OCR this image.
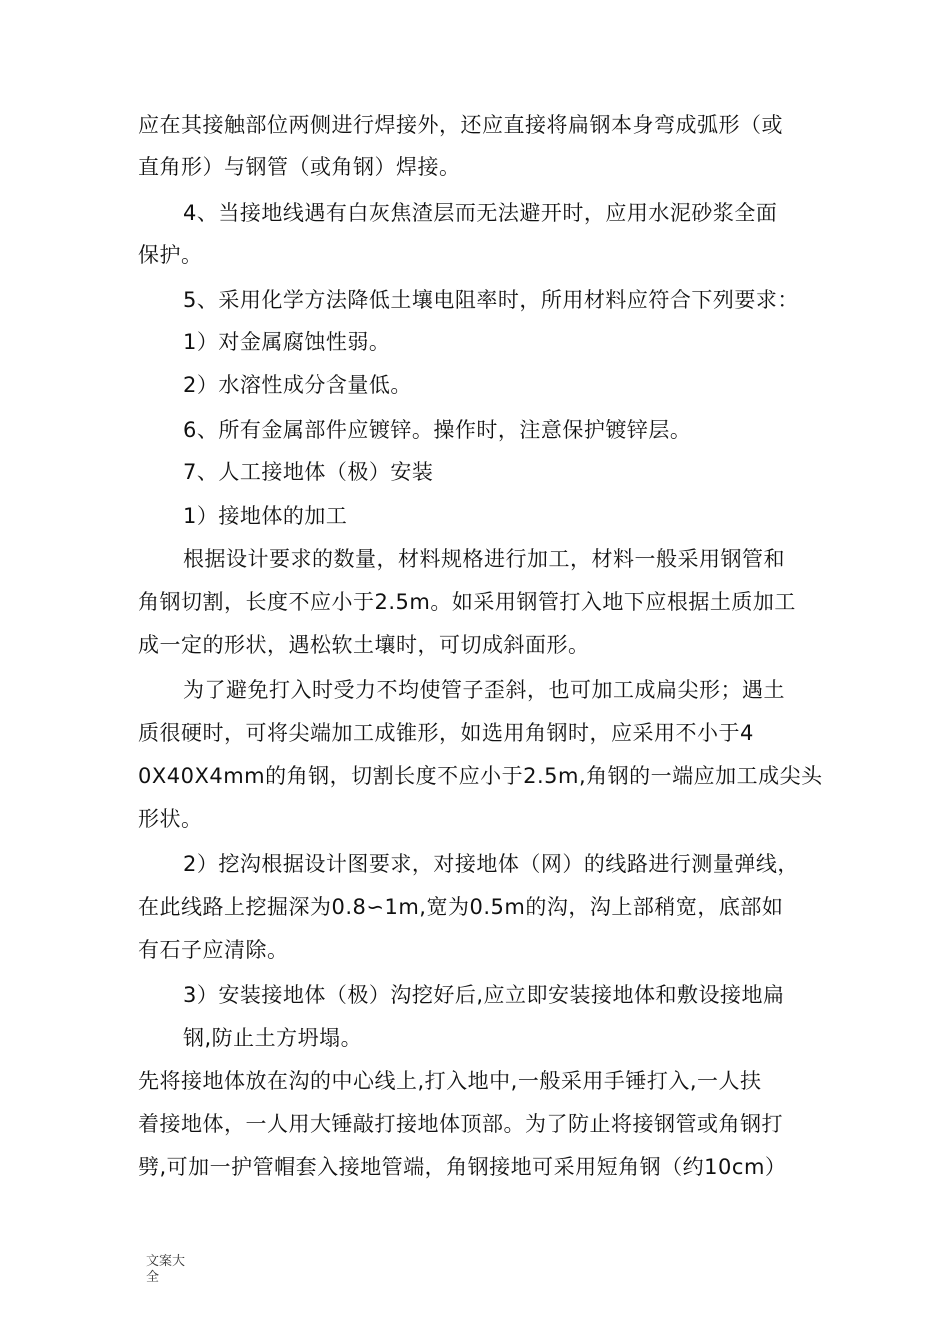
应在其接触部位两侧进行焊接外，还应直接将扁钢本身弯成弧形（或
直角形）与钢管（或角钢）焊接。
4、当接地线遇有白灰焦渣层而无法避开时，应用水泥砂浆全面
保护。
5、采用化学方法降低土壤电阻率时，所用材料应符合下列要求：
1）对金属腐蚀性弱。
2）水溶性成分含量低。
6、所有金属部件应镀锌。操作时，注意保护镀锌层。
7、人工接地体（极）安装
1）接地体的加工
根据设计要求的数量，材料规格进行加工，材料一般采用钢管和
角钢切割，长度不应小于2.5m。如采用钢管打入地下应根据土质加工
成一定的形状，遇松软土壤时，可切成斜面形。
为了避免打入时受力不均使管子歪斜，也可加工成扁尖形；遇土
质很硬时，可将尖端加工成锥形，如选用角钢时，应采用不小于4
0X40X4mm的角钢，切割长度不应小于2.5m,角钢的一端应加工成尖头
形状。
2）挖沟根据设计图要求，对接地体（网）的线路进行测量弹线，
在此线路上挖掘深为0.8∽1m,宽为0.5m的沟，沟上部稍宽，底部如
有石子应清除。
3）安装接地体（极）沟挖好后,应立即安装接地体和敷设接地扁
钢,防止土方坍塌。
先将接地体放在沟的中心线上,打入地中,一般采用手锤打入,一人扶
着接地体，一人用大锤敲打接地体顶部。为了防止将接钢管或角钢打
劈,可加一护管帽套入接地管端，角钢接地可采用短角钢（约10cm）
文案大全
